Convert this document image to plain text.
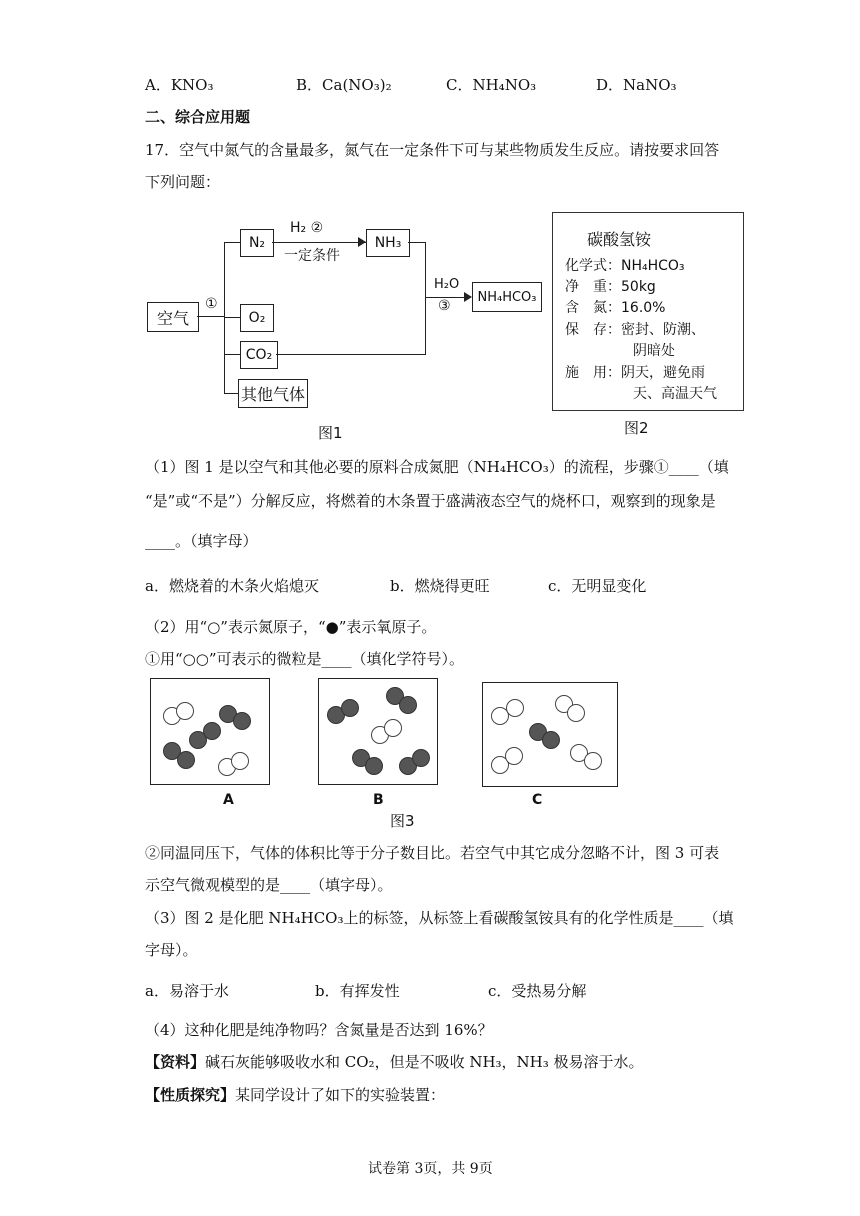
A．KNO₃	B．Ca(NO₃)₂	C．NH₄NO₃	D．NaNO₃
二、综合应用题
17．空气中氮气的含量最多，氮气在一定条件下可与某些物质发生反应。请按要求回答
下列问题：
空气
①
N₂
O₂
CO₂
其他气体
H₂ ②
一定条件
NH₃
H₂O
③
NH₄HCO₃
图1
碳酸氢铵
化学式：NH₄HCO₃
净　重：50kg
含　氮：16.0%
保　存：密封、防潮、
阴暗处
施　用：阴天，避免雨
天、高温天气
图2
（1）图 1 是以空气和其他必要的原料合成氮肥（NH₄HCO₃）的流程，步骤①____（填
“是”或“不是”）分解反应，将燃着的木条置于盛满液态空气的烧杯口，观察到的现象是
____。（填字母）
a．燃烧着的木条火焰熄灭	b．燃烧得更旺	c．无明显变化
（2）用“○”表示氮原子，“●”表示氧原子。
①用“○○”可表示的微粒是____（填化学符号）。
A	B	C
图3
②同温同压下，气体的体积比等于分子数目比。若空气中其它成分忽略不计，图 3 可表
示空气微观模型的是____（填字母）。
（3）图 2 是化肥 NH₄HCO₃上的标签，从标签上看碳酸氢铵具有的化学性质是____（填
字母）。
a．易溶于水	b．有挥发性	c．受热易分解
（4）这种化肥是纯净物吗？含氮量是否达到 16%？
【资料】碱石灰能够吸收水和 CO₂，但是不吸收 NH₃，NH₃ 极易溶于水。
【性质探究】某同学设计了如下的实验装置：
试卷第 3页，共 9页
